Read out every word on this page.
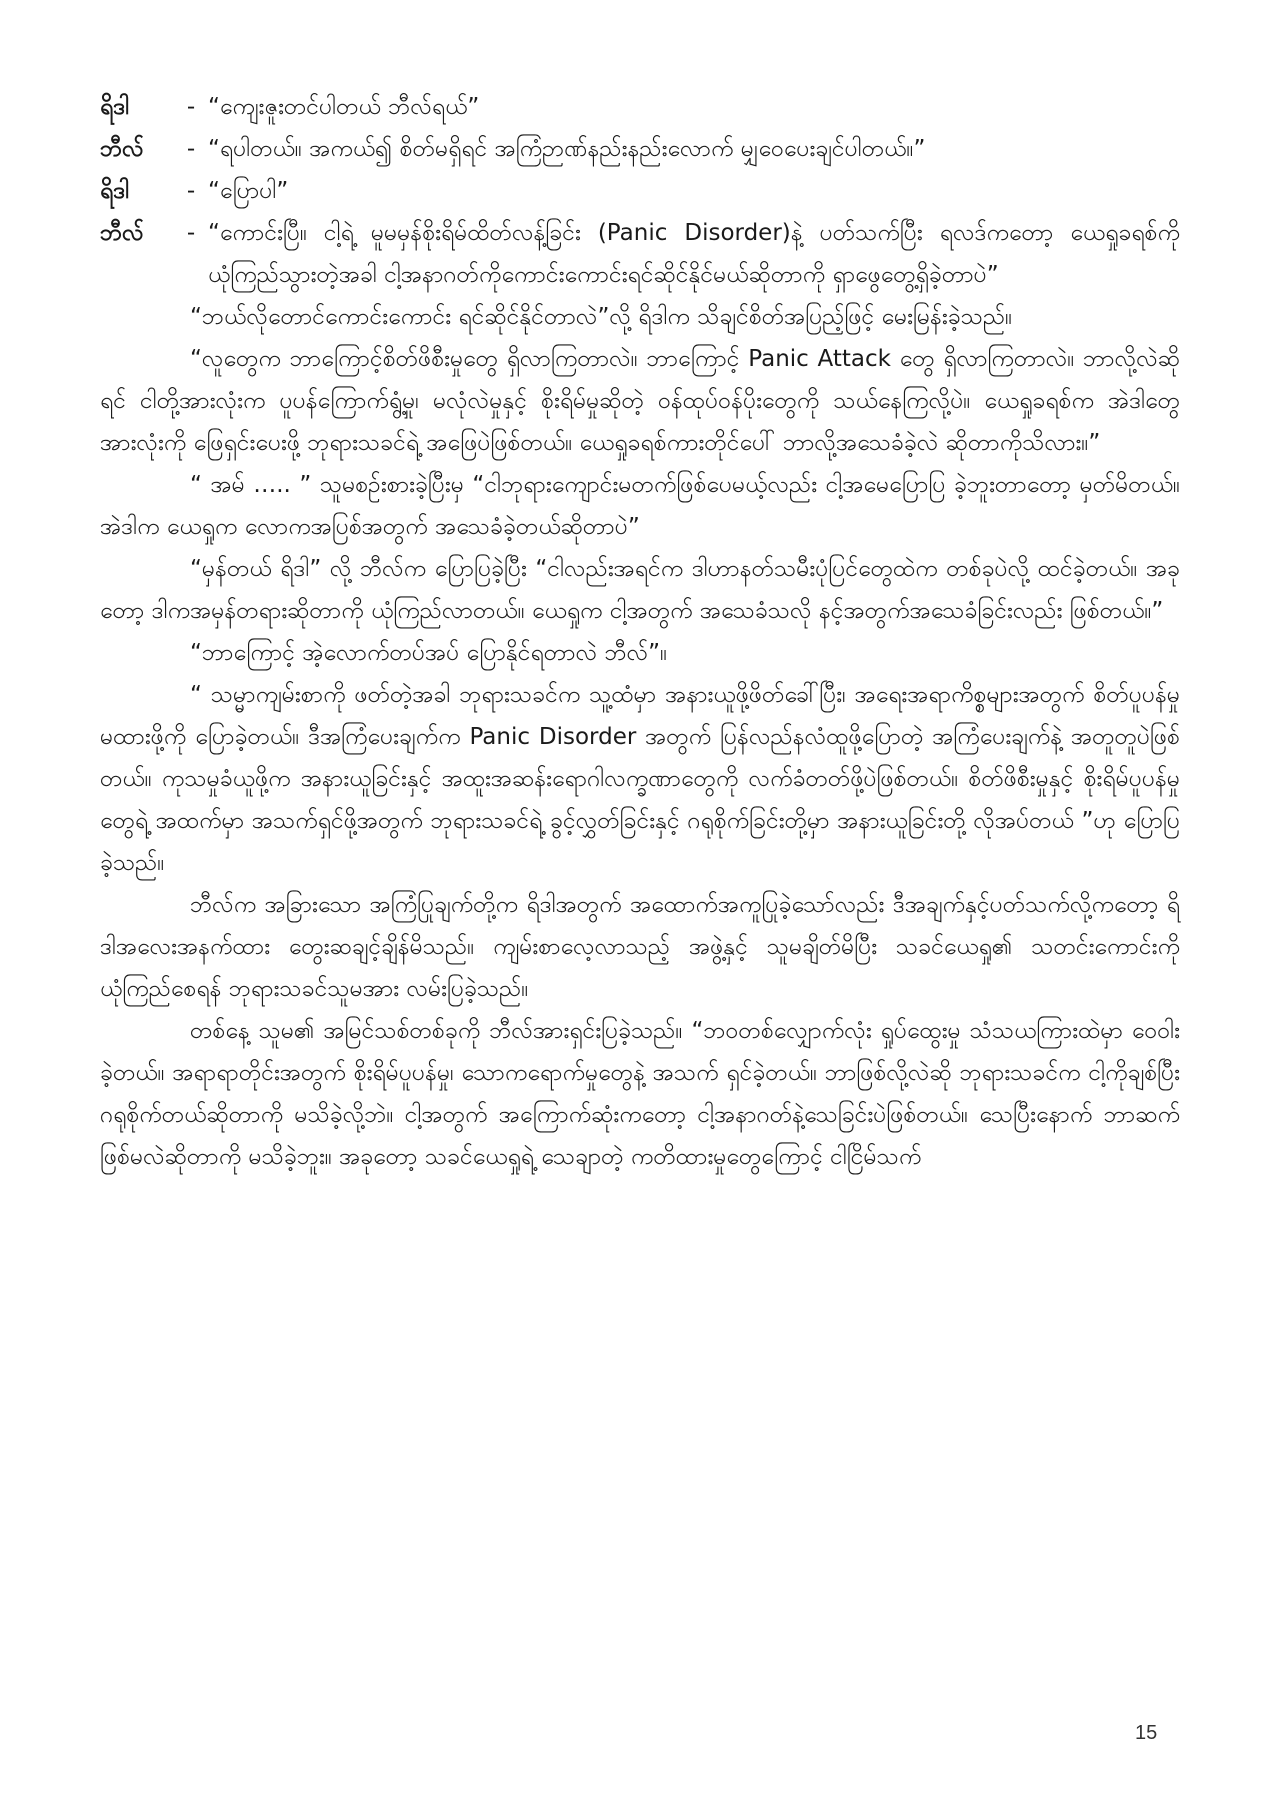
ရိဒါ	- “ကျေးဇူးတင်ပါတယ် ဘီလ်ရယ်”
ဘီလ်	- “ရပါတယ်။ အကယ်၍ စိတ်မရှိရင် အကြံဉာဏ်နည်းနည်းလောက် မျှဝေပေးချင်ပါတယ်။”
ရိဒါ	- “ပြောပါ”
ဘီလ်	- “ကောင်းပြီ။ ငါ့ရဲ့ မူမမှန်စိုးရိမ်ထိတ်လန့်ခြင်း (Panic Disorder)နဲ့ ပတ်သက်ပြီး ရလဒ်ကတော့ ယေရှုခရစ်ကိုယုံကြည်သွားတဲ့အခါ ငါ့အနာဂတ်ကိုကောင်းကောင်းရင်ဆိုင်နိုင်မယ်ဆိုတာကို ရှာဖွေတွေ့ရှိခဲ့တာပဲ”

“ဘယ်လိုတောင်ကောင်းကောင်း ရင်ဆိုင်နိုင်တာလဲ”လို့ ရိဒါက သိချင်စိတ်အပြည့်ဖြင့် မေးမြန်းခဲ့သည်။

“လူတွေက ဘာကြောင့်စိတ်ဖိစီးမှုတွေ ရှိလာကြတာလဲ။ ဘာကြောင့် Panic Attack တွေ ရှိလာကြတာလဲ။ ဘာလို့လဲဆိုရင် ငါတို့အားလုံးက ပူပန်ကြောက်ရွံ့မှု၊ မလုံလဲမှုနှင့် စိုးရိမ်မှုဆိုတဲ့ ဝန်ထုပ်ဝန်ပိုးတွေကို သယ်နေကြလို့ပဲ။ ယေရှုခရစ်က အဲဒါတွေအားလုံးကို ဖြေရှင်းပေးဖို့ ဘုရားသခင်ရဲ့ အဖြေပဲဖြစ်တယ်။ ယေရှုခရစ်ကားတိုင်ပေါ် ဘာလို့အသေခံခဲ့လဲ ဆိုတာကိုသိလား။”

“ အမ် ….. ” သူမစဉ်းစားခဲ့ပြီးမှ “ငါဘုရားကျောင်းမတက်ဖြစ်ပေမယ့်လည်း ငါ့အမေပြောပြ ခဲ့ဘူးတာတော့ မှတ်မိတယ်။ အဲဒါက ယေရှုက လောကအပြစ်အတွက် အသေခံခဲ့တယ်ဆိုတာပဲ”

“မှန်တယ် ရိဒါ” လို့ ဘီလ်က ပြောပြခဲ့ပြီး “ငါလည်းအရင်က ဒါဟာနတ်သမီးပုံပြင်တွေထဲက တစ်ခုပဲလို့ ထင်ခဲ့တယ်။ အခုတော့ ဒါကအမှန်တရားဆိုတာကို ယုံကြည်လာတယ်။ ယေရှုက ငါ့အတွက် အသေခံသလို နင့်အတွက်အသေခံခြင်းလည်း ဖြစ်တယ်။”

“ဘာကြောင့် အဲ့လောက်တပ်အပ် ပြောနိုင်ရတာလဲ ဘီလ်”။

“ သမ္မာကျမ်းစာကို ဖတ်တဲ့အခါ ဘုရားသခင်က သူ့ထံမှာ အနားယူဖို့ဖိတ်ခေါ်ပြီး၊ အရေးအရာကိစ္စများအတွက် စိတ်ပူပန်မှုမထားဖို့ကို ပြောခဲ့တယ်။ ဒီအကြံပေးချက်က Panic Disorder အတွက် ပြန်လည်နလံထူဖို့ပြောတဲ့ အကြံပေးချက်နဲ့ အတူတူပဲဖြစ်တယ်။ ကုသမှုခံယူဖို့က အနားယူခြင်းနှင့် အထူးအဆန်းရောဂါလက္ခဏာတွေကို လက်ခံတတ်ဖို့ပဲဖြစ်တယ်။ စိတ်ဖိစီးမှုနှင့် စိုးရိမ်ပူပန်မှုတွေရဲ့ အထက်မှာ အသက်ရှင်ဖို့အတွက် ဘုရားသခင်ရဲ့ ခွင့်လွှတ်ခြင်းနှင့် ဂရုစိုက်ခြင်းတို့မှာ အနားယူခြင်းတို့ လိုအပ်တယ် ”ဟု ပြောပြခဲ့သည်။

ဘီလ်က အခြားသော အကြံပြုချက်တို့က ရိဒါအတွက် အထောက်အကူပြုခဲ့သော်လည်း ဒီအချက်နှင့်ပတ်သက်လို့ကတော့ ရိဒါအလေးအနက်ထား တွေးဆချင့်ချိန်မိသည်။ ကျမ်းစာလေ့လာသည့် အဖွဲ့နှင့် သူမချိတ်မိပြီး သခင်ယေရှု၏ သတင်းကောင်းကို ယုံကြည်စေရန် ဘုရားသခင်သူမအား လမ်းပြခဲ့သည်။

တစ်နေ့ သူမ၏ အမြင်သစ်တစ်ခုကို ဘီလ်အားရှင်းပြခဲ့သည်။ “ဘဝတစ်လျှောက်လုံး ရှုပ်ထွေးမှု သံသယကြားထဲမှာ ဝေဝါးခဲ့တယ်။ အရာရာတိုင်းအတွက် စိုးရိမ်ပူပန်မှု၊ သောကရောက်မှုတွေနဲ့ အသက် ရှင်ခဲ့တယ်။ ဘာဖြစ်လို့လဲဆို ဘုရားသခင်က ငါ့ကိုချစ်ပြီး ဂရုစိုက်တယ်ဆိုတာကို မသိခဲ့လို့ဘဲ။ ငါ့အတွက် အကြောက်ဆုံးကတော့ ငါ့အနာဂတ်နဲ့သေခြင်းပဲဖြစ်တယ်။ သေပြီးနောက် ဘာဆက်ဖြစ်မလဲဆိုတာကို မသိခဲ့ဘူး။ အခုတော့ သခင်ယေရှုရဲ့ သေချာတဲ့ ကတိထားမှုတွေကြောင့် ငါငြိမ်သက်

15
